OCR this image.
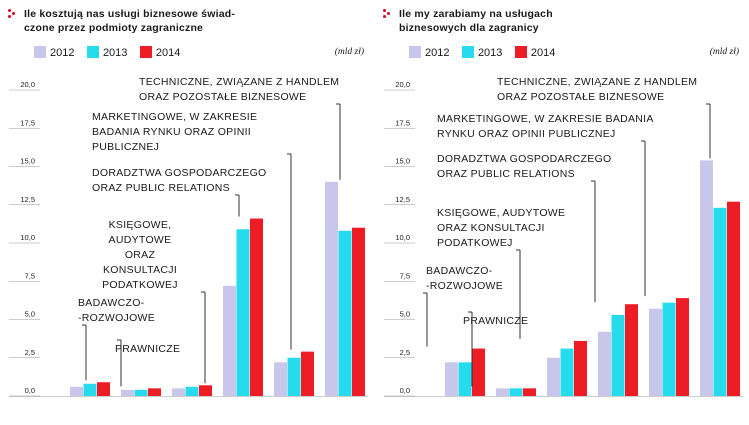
Ile kosztują nas usługi biznesowe świad-
czone przez podmioty zagraniczne
2012	2013	2014	(mld zł)
0,0
2,5
5,0
7,5
10,0
12,5
15,0
17,5
20,0
BADAWCZO-
-ROZWOJOWE
PRAWNICZE
KSIĘGOWE,
AUDYTOWE
ORAZ
KONSULTACJI
PODATKOWEJ
DORADZTWA GOSPODARCZEGO
ORAZ PUBLIC RELATIONS
MARKETINGOWE, W ZAKRESIE
BADANIA RYNKU ORAZ OPINII
PUBLICZNEJ
TECHNICZNE, ZWIĄZANE Z HANDLEM
ORAZ POZOSTAŁE BIZNESOWE
Ile my zarabiamy na usługach
biznesowych dla zagranicy
2012	2013	2014	(mld zł)
0,0
2,5
5,0
7,5
10,0
12,5
15,0
17,5
20,0
BADAWCZO-
-ROZWOJOWE
PRAWNICZE
KSIĘGOWE, AUDYTOWE
ORAZ KONSULTACJI
PODATKOWEJ
DORADZTWA GOSPODARCZEGO
ORAZ PUBLIC RELATIONS
MARKETINGOWE, W ZAKRESIE BADANIA
RYNKU ORAZ OPINII PUBLICZNEJ
TECHNICZNE, ZWIĄZANE Z HANDLEM
ORAZ POZOSTAŁE BIZNESOWE
